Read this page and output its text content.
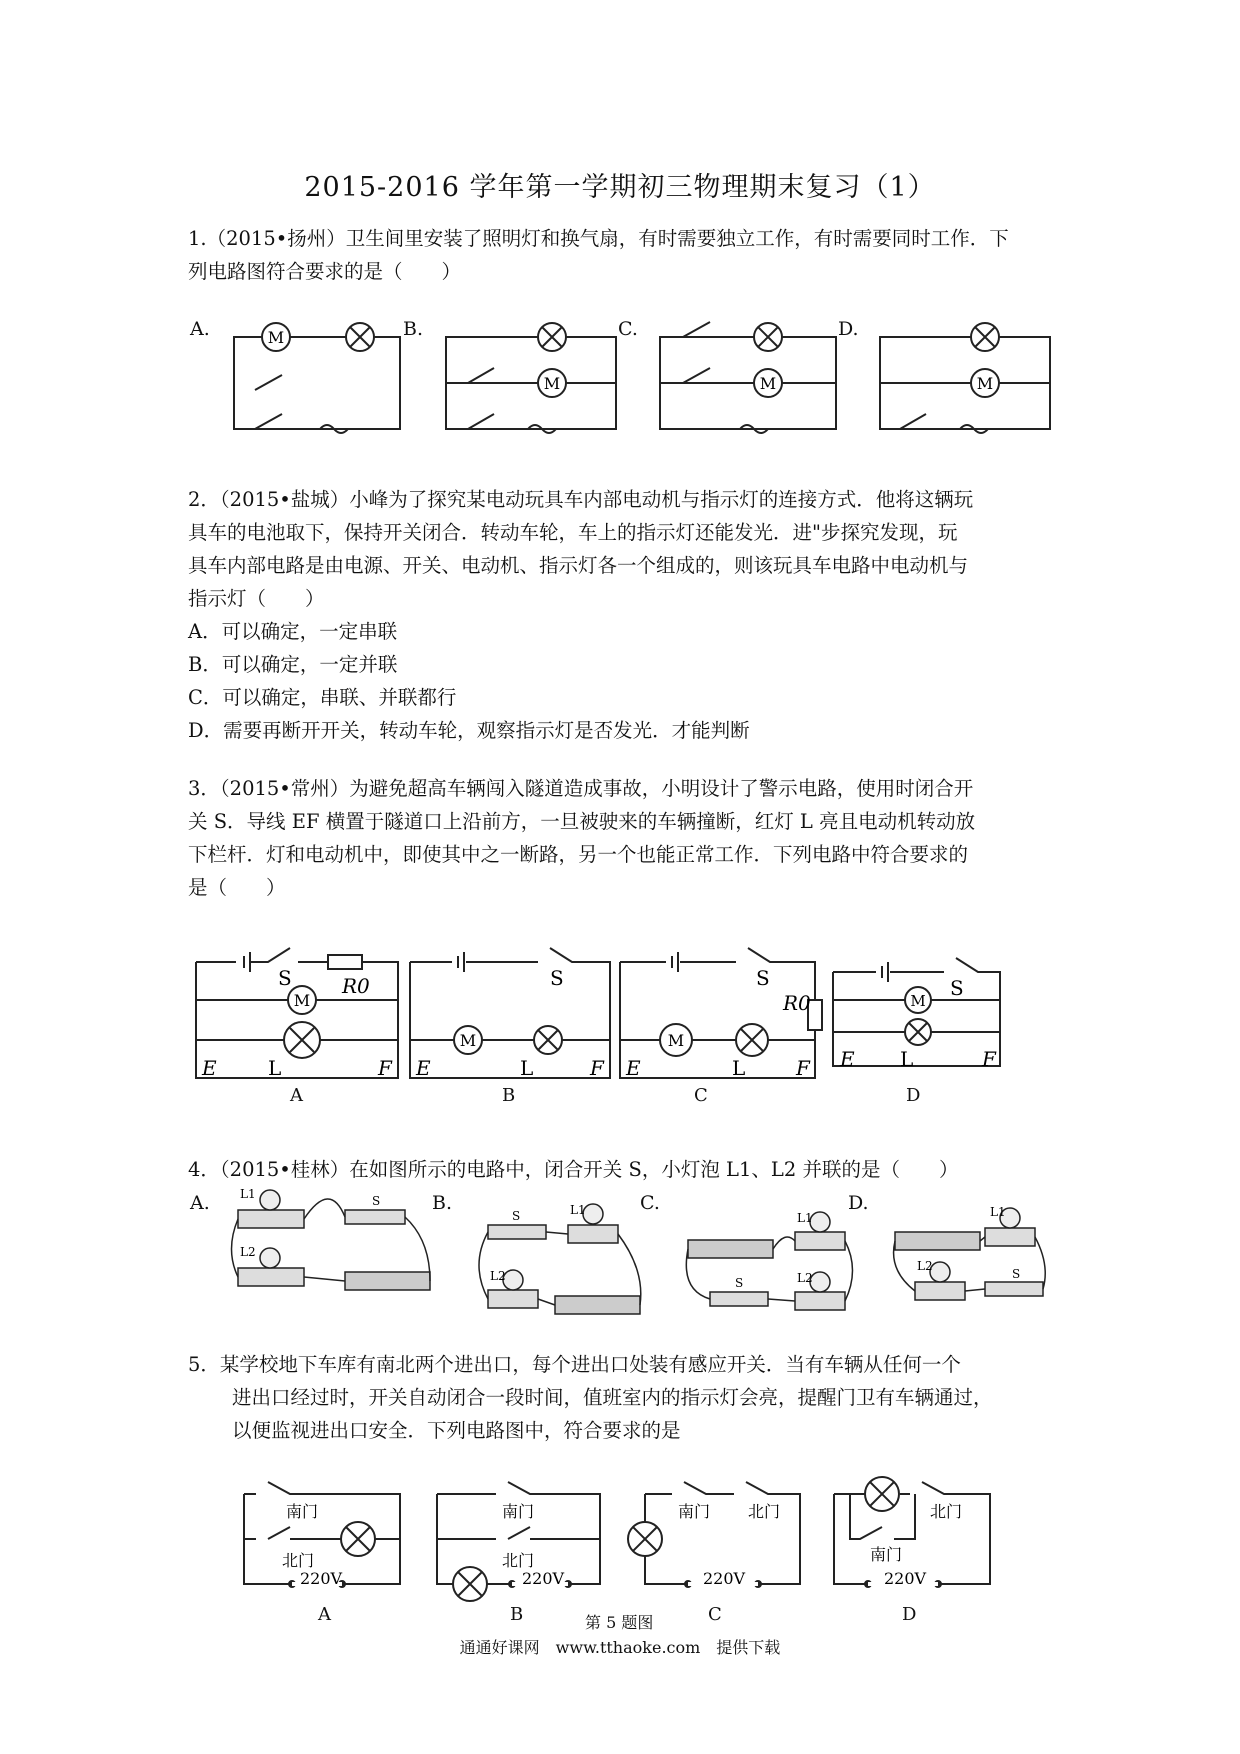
2015-2016 学年第一学期初三物理期末复习（1）
1.（2015•扬州）卫生间里安装了照明灯和换气扇，有时需要独立工作，有时需要同时工作．下
列电路图符合要求的是（　　）
A.	B.	C.	D.
M
M	M	M
M
S	R0
L
E	F
M
S
L
E	F
M
S
R0
L
E	F
M
S
L
E	F
L1
L2
S
L1
L2
S	L1
L2
S
L1
L2
S
南门
北门
220V
南门
北门
220V
南门 北门
220V
北门
南门
220V
2．（2015•盐城）小峰为了探究某电动玩具车内部电动机与指示灯的连接方式．他将这辆玩
具车的电池取下，保持开关闭合．转动车轮，车上的指示灯还能发光．进"步探究发现，玩
具车内部电路是由电源、开关、电动机、指示灯各一个组成的，则该玩具车电路中电动机与
指示灯（　　）
A．可以确定，一定串联
B．可以确定，一定并联
C．可以确定，串联、并联都行
D．需要再断开开关，转动车轮，观察指示灯是否发光．才能判断
3．（2015•常州）为避免超高车辆闯入隧道造成事故，小明设计了警示电路，使用时闭合开
关 S．导线 EF 横置于隧道口上沿前方，一旦被驶来的车辆撞断，红灯 L 亮且电动机转动放
下栏杆．灯和电动机中，即使其中之一断路，另一个也能正常工作．下列电路中符合要求的
是（　　）
A	B	C	D
4．（2015•桂林）在如图所示的电路中，闭合开关 S，小灯泡 L1、L2 并联的是（　　）
A.	B.	C.	D.
5．某学校地下车库有南北两个进出口，每个进出口处装有感应开关．当有车辆从任何一个
进出口经过时，开关自动闭合一段时间，值班室内的指示灯会亮，提醒门卫有车辆通过，
以便监视进出口安全．下列电路图中，符合要求的是
A	B	C	D
第 5 题图
通通好课网　www.tthaoke.com　提供下载
